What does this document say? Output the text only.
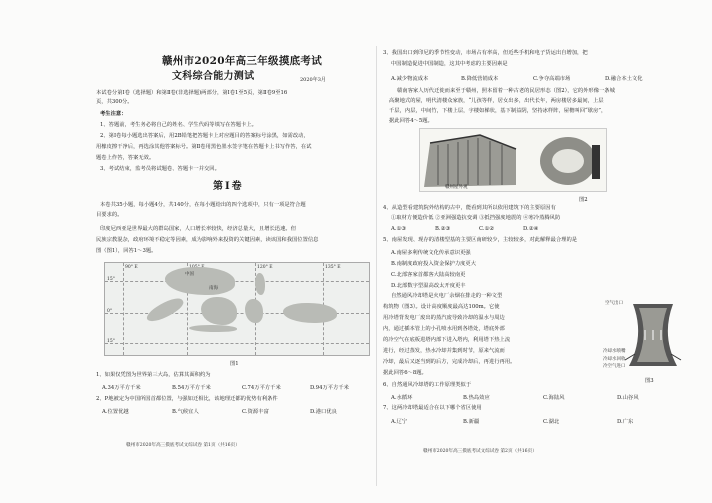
赣州市2020年高三年级摸底考试
文科综合能力测试	2020年3月
本试卷分第Ⅰ卷（选择题）和第Ⅱ卷(非选择题)两部分，第Ⅰ卷1至5页，第Ⅱ卷9至16
页，共300分。
考生注意：
1、答题前，考生务必将自己的姓名、学生代码等填写在答题卡上。
2、第Ⅰ卷每小题选出答案后，用2B铅笔把答题卡上对应题目的答案标号涂黑，如需改动，
用橡皮擦干净后，再选涂其他答案标号。第Ⅱ卷用黑色墨水签字笔在答题卡上书写作答，在试
题卷上作答，答案无效。
3、考试结束，监考员将试题卷、答题卡一并交回。
第Ⅰ卷
本卷共35小题，每小题4分，共140分，在每小题给出的四个选项中，只有一项是符合题
目要求的。
印度尼西亚是世界最大的群岛国家，人口增长率较快，经济总量大，且增长迅速。但
民族宗教混杂，政府环境不稳定等因素，成为影响外来投资的关键因素，读该国和我国位置信息
图（图1），回答1～3题。
90° E	120° E	135° E
15°
0°
15°
南海
中国
图1
1、如果仅凭图为世界第三大岛，估算其面积约为
A.34万平方千米	B.54万平方千米	C.74万平方千米	D.94万平方千米
2、P地被定为中国所国首都位置，与强如迁相比，该地理迁都的优势有利条件
A.位置优越	B.气候宜人	C.资源丰富	D.港口优良
赣州市2020年高三摸底考试文综试卷 第1页（共16页）
3、我国出口到印尼的季节性变动，市场占有率高，但近些手机和电子货运出自增加，把
中国制造促进中国制造，这其中考虑的主要因素是
A.减少物流成本	B.降低营销成本	C.争夺高端市场	D.融合本土文化
赣南客家人历代迁徙而来至于赣州，照本留着一种古老的民居形态（图2），它的外形像一条城
高聚地式的屋，明代清楼众家族，“儿孩等样，居女出多，出代长年，两房楼居多最间，上层
千层，内层，中间竹，下楼上层，字楼如梯状，基下制益阴，坚持冰样阵，屋檐叫回“歇房”，
据此回答4～5题。
赣州屋外观
图2
4、从造型看建筑院外结构的古中，能看到其所以依用建筑下的主要原因有
①取材方便造价低 ②亚洲强造抗变调 ③抵挡强度地震的 ④寒冷蒸腾风防
A.①③	B.②③	C.①②	D.②④
5、南屋发现、现存的清楼型基的主要区南研较少，主较较多，对此解释最合理的是
A.南屋多利传统文化传承意识更强
B.南制度政府投入资金保护力度更大
C.北部客家首都客大陆高较南更
D.北部数字型温高改太开度更丰
自然通风冷却塔是火电厂余烟在排走的一种文型
构筑物（图3）。设计高度顺度最高达100m。它使
用冷塔背发电厂废出的蒸汽废导致冷却的温水与周边
内，通过插本管上的小孔喷水用到各塔处，塔底外部
的冷空气在底板进塔内部下进入塔内，利用塔下热上流
进行，经过蒸发，热水冷却并集到时节，原来气流而
冷却，最后又逐当到的后方，完成冷却后，再进行再用。
据此回答6～8题。
空气出口
冷却水喷嘴
冷却水回收
冷空气进口
图3
6、自然通风冷却塔的工作原理类似于
A.水循环	B.热岛效应	C.海陆风	D.山谷风
7、这两冷却塔最适合在以下哪个省区使用
A.辽宁	B.新疆	C.湖北	D.广东
赣州市2020年高三摸底考试文综试卷 第2页（共16页）
